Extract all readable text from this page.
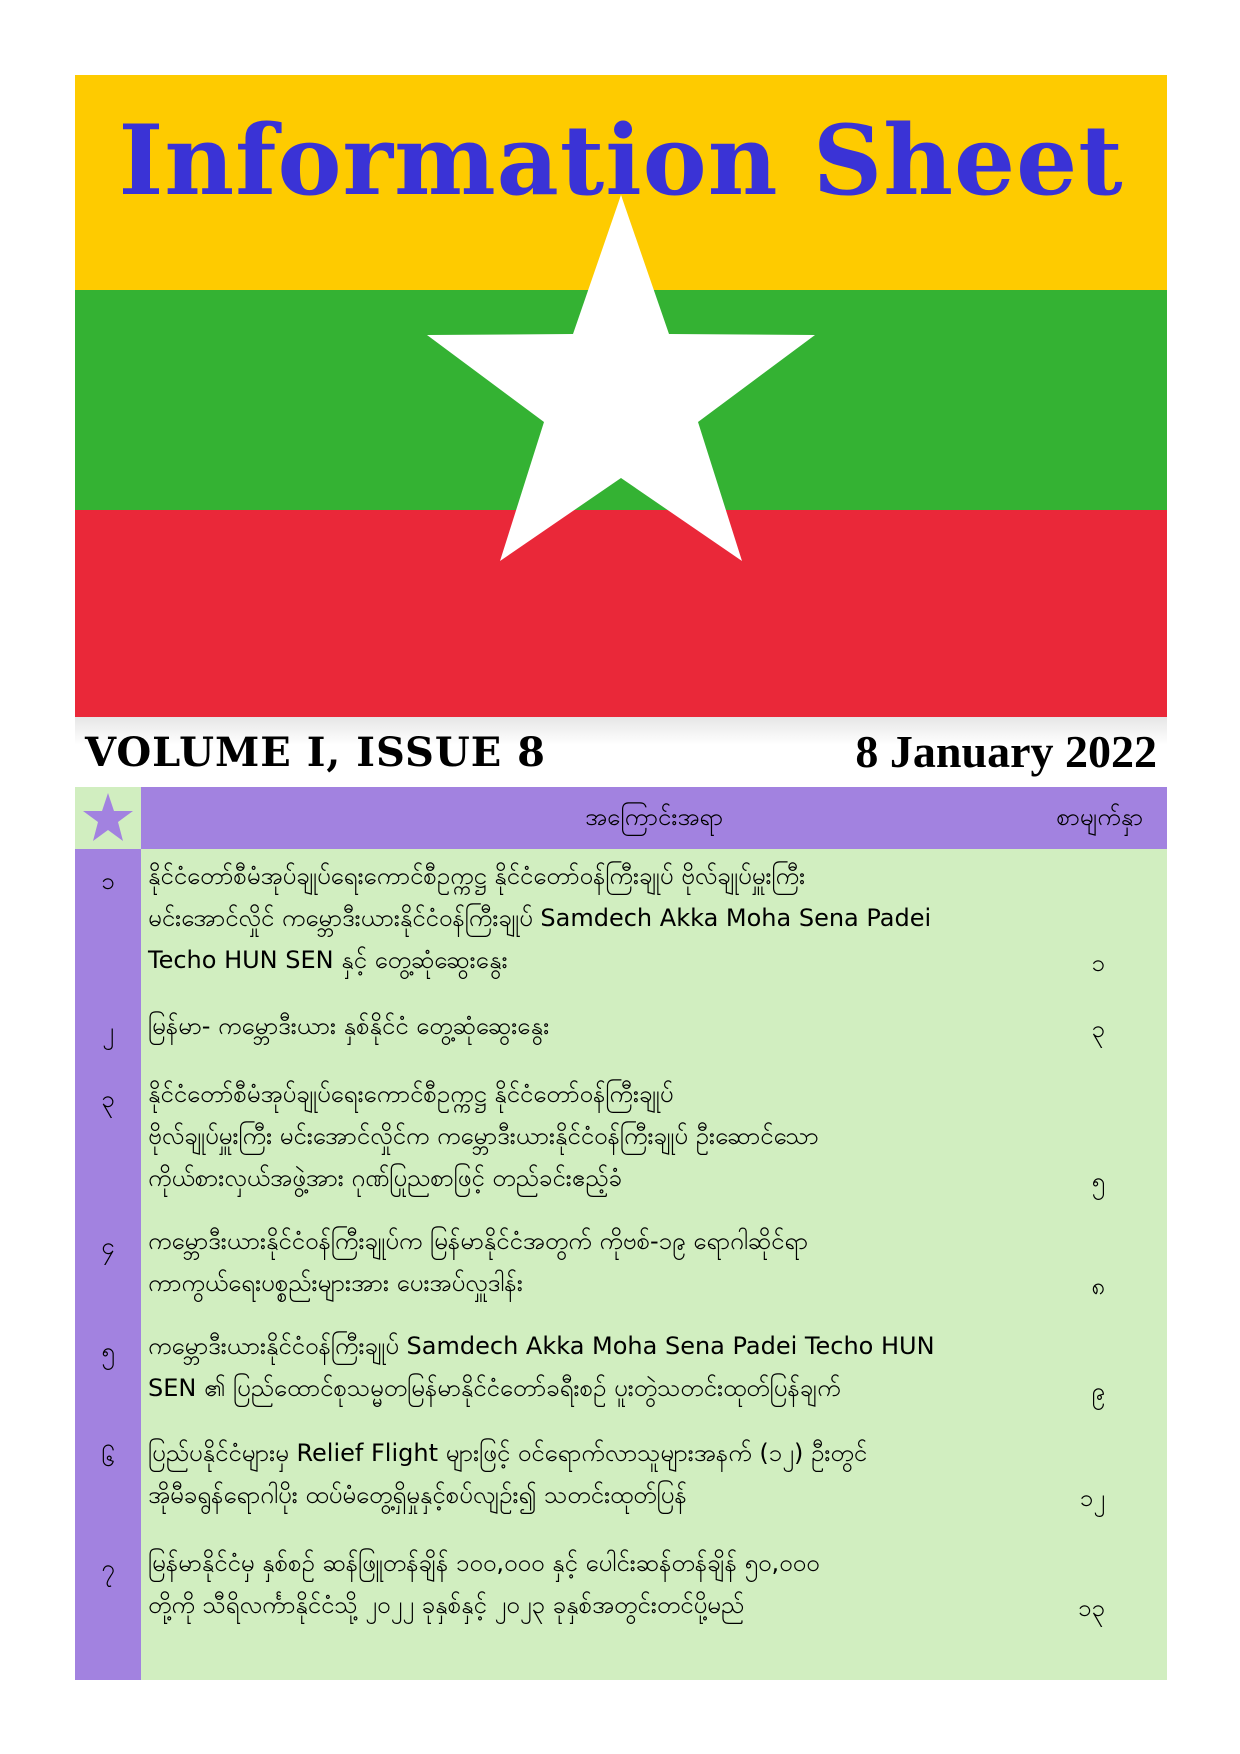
Information Sheet
VOLUME I, ISSUE 8	8 January 2022
အကြောင်းအရာ	စာမျက်နှာ
၁	နိုင်ငံတော်စီမံအုပ်ချုပ်ရေးကောင်စီဥက္ကဋ္ဌ နိုင်ငံတော်ဝန်ကြီးချုပ် ဗိုလ်ချုပ်မှူးကြီး
မင်းအောင်လှိုင် ကမ္ဘောဒီးယားနိုင်ငံဝန်ကြီးချုပ် Samdech Akka Moha Sena Padei
Techo HUN SEN နှင့် တွေ့ဆုံဆွေးနွေး	၁
၂	မြန်မာ- ကမ္ဘောဒီးယား နှစ်နိုင်ငံ တွေ့ဆုံဆွေးနွေး	၃
၃	နိုင်ငံတော်စီမံအုပ်ချုပ်ရေးကောင်စီဥက္ကဋ္ဌ နိုင်ငံတော်ဝန်ကြီးချုပ်
ဗိုလ်ချုပ်မှူးကြီး မင်းအောင်လှိုင်က ကမ္ဘောဒီးယားနိုင်ငံဝန်ကြီးချုပ် ဦးဆောင်သော
ကိုယ်စားလှယ်အဖွဲ့အား ဂုဏ်ပြုညစာဖြင့် တည်ခင်းဧည့်ခံ	၅
၄	ကမ္ဘောဒီးယားနိုင်ငံဝန်ကြီးချုပ်က မြန်မာနိုင်ငံအတွက် ကိုဗစ်-၁၉ ရောဂါဆိုင်ရာ
ကာကွယ်ရေးပစ္စည်းများအား ပေးအပ်လှူဒါန်း	၈
၅	ကမ္ဘောဒီးယားနိုင်ငံဝန်ကြီးချုပ် Samdech Akka Moha Sena Padei Techo HUN
SEN ၏ ပြည်ထောင်စုသမ္မတမြန်မာနိုင်ငံတော်ခရီးစဉ် ပူးတွဲသတင်းထုတ်ပြန်ချက်	၉
၆	ပြည်ပနိုင်ငံများမှ Relief Flight များဖြင့် ဝင်ရောက်လာသူများအနက် (၁၂) ဦးတွင်
အိုမီခရွန်ရောဂါပိုး ထပ်မံတွေ့ရှိမှုနှင့်စပ်လျဉ်း၍ သတင်းထုတ်ပြန်	၁၂
၇	မြန်မာနိုင်ငံမှ နှစ်စဉ် ဆန်ဖြူတန်ချိန် ၁၀၀,၀၀၀ နှင့် ပေါင်းဆန်တန်ချိန် ၅၀,၀၀၀
တို့ကို သီရိလင်္ကာနိုင်ငံသို့ ၂၀၂၂ ခုနှစ်နှင့် ၂၀၂၃ ခုနှစ်အတွင်းတင်ပို့မည်	၁၃
